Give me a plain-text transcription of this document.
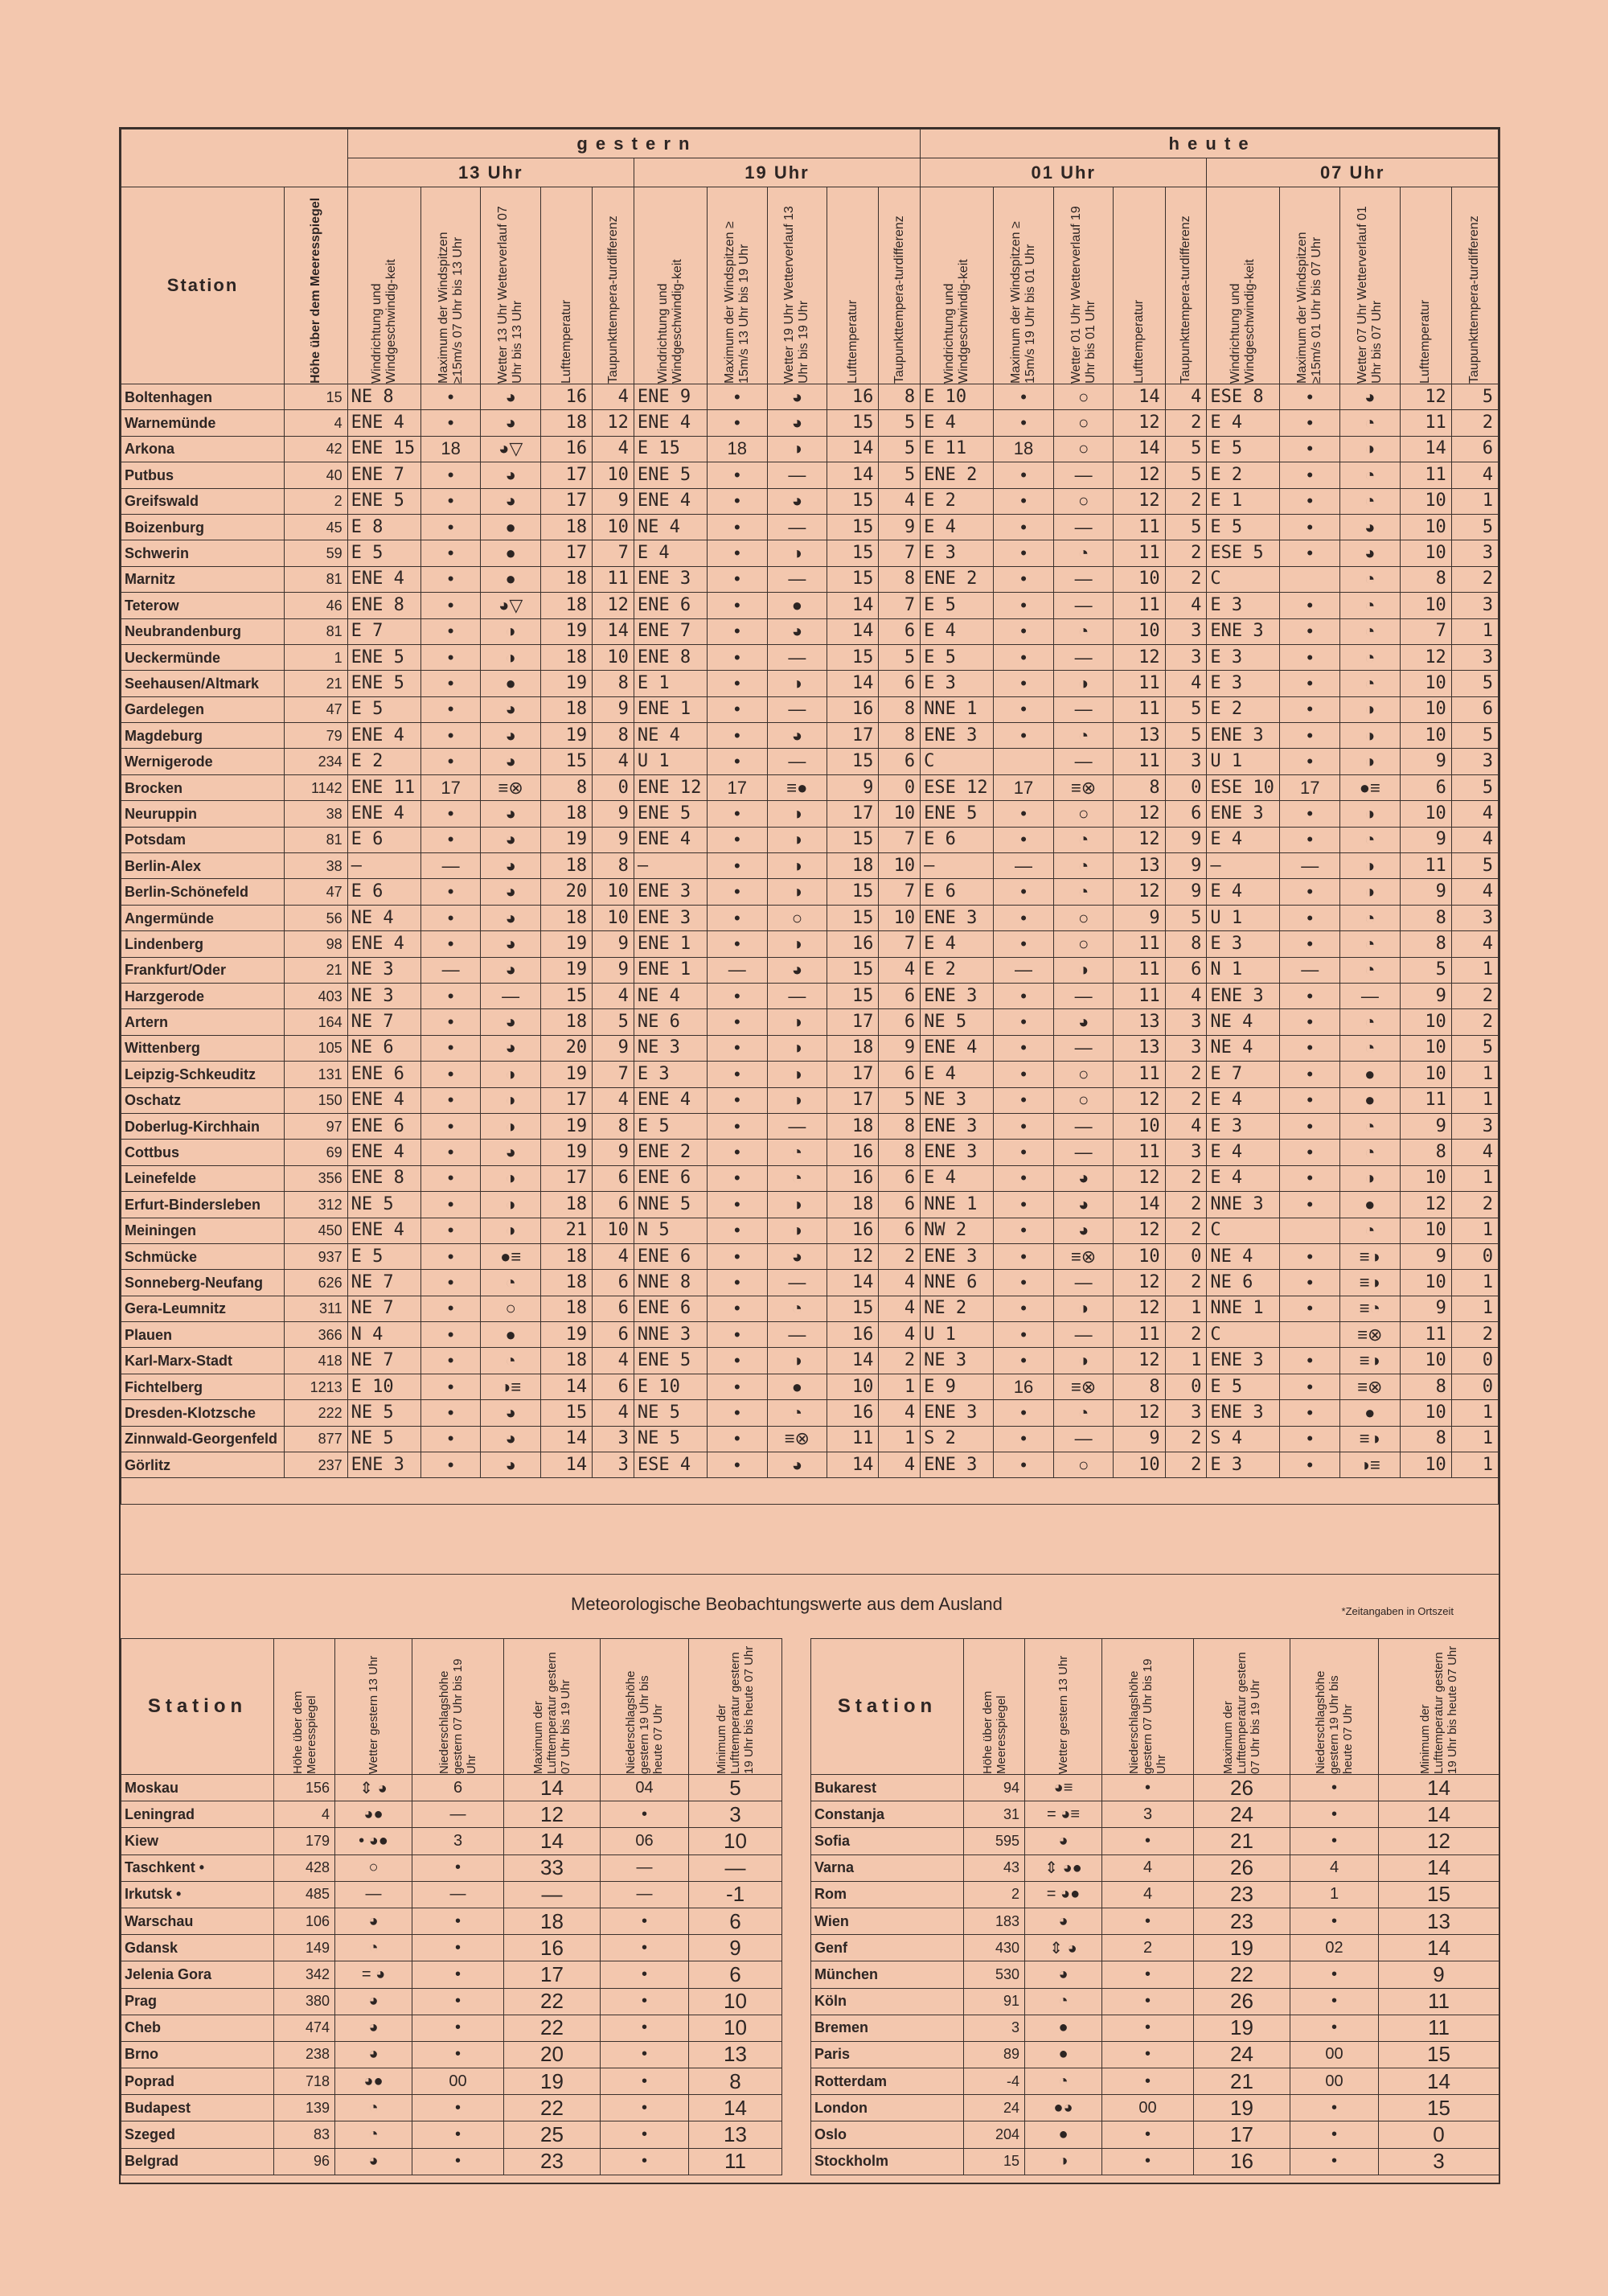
		g e s t e r n										h e u t e									
		13 Uhr					19 Uhr					01 Uhr					07 Uhr				
Station	Höhe über dem Meeresspiegel	Windrichtung und Windgeschwindig-keit	Maximum der Windspitzen ≥15m/s 07 Uhr bis 13 Uhr	Wetter 13 Uhr Wetterverlauf 07 Uhr bis 13 Uhr	Lufttemperatur	Taupunkttempera-turdifferenz	Windrichtung und Windgeschwindig-keit	Maximum der Windspitzen ≥ 15m/s 13 Uhr bis 19 Uhr	Wetter 19 Uhr Wetterverlauf 13 Uhr bis 19 Uhr	Lufttemperatur	Taupunkttempera-turdifferenz	Windrichtung und Windgeschwindig-keit	Maximum der Windspitzen ≥ 15m/s 19 Uhr bis 01 Uhr	Wetter 01 Uhr Wetterverlauf 19 Uhr bis 01 Uhr	Lufttemperatur	Taupunkttempera-turdifferenz	Windrichtung und Windgeschwindig-keit	Maximum der Windspitzen ≥15m/s 01 Uhr bis 07 Uhr	Wetter 07 Uhr Wetterverlauf 01 Uhr bis 07 Uhr	Lufttemperatur	Taupunkttempera-turdifferenz

Boltenhagen	15	NE 8	•	◕	16	4	ENE 9	•	◕	16	8	E 10	•	○	14	4	ESE 8	•	◕	12	5
Warnemünde	4	ENE 4	•	◕	18	12	ENE 4	•	◕	15	5	E 4	•	○	12	2	E 4	•	◔	11	2
Arkona	42	ENE 15	18	◕▽	16	4	E 15	18	◑	14	5	E 11	18	○	14	5	E 5	•	◑	14	6
Putbus	40	ENE 7	•	◕	17	10	ENE 5	•	—	14	5	ENE 2	•	—	12	5	E 2	•	◔	11	4
Greifswald	2	ENE 5	•	◕	17	9	ENE 4	•	◕	15	4	E 2	•	○	12	2	E 1	•	◔	10	1
Boizenburg	45	E 8	•	●	18	10	NE 4	•	—	15	9	E 4	•	—	11	5	E 5	•	◕	10	5
Schwerin	59	E 5	•	●	17	7	E 4	•	◑	15	7	E 3	•	◔	11	2	ESE 5	•	◕	10	3
Marnitz	81	ENE 4	•	●	18	11	ENE 3	•	—	15	8	ENE 2	•	—	10	2	C		◔	8	2
Teterow	46	ENE 8	•	◕▽	18	12	ENE 6	•	●	14	7	E 5	•	—	11	4	E 3	•	◔	10	3
Neubrandenburg	81	E 7	•	◑	19	14	ENE 7	•	◕	14	6	E 4	•	◔	10	3	ENE 3	•	◔	7	1
Ueckermünde	1	ENE 5	•	◑	18	10	ENE 8	•	—	15	5	E 5	•	—	12	3	E 3	•	◔	12	3
Seehausen/Altmark	21	ENE 5	•	●	19	8	E 1	•	◑	14	6	E 3	•	◑	11	4	E 3	•	◔	10	5
Gardelegen	47	E 5	•	◕	18	9	ENE 1	•	—	16	8	NNE 1	•	—	11	5	E 2	•	◑	10	6
Magdeburg	79	ENE 4	•	◕	19	8	NE 4	•	◕	17	8	ENE 3	•	◔	13	5	ENE 3	•	◑	10	5
Wernigerode	234	E 2	•	◕	15	4	U 1	•	—	15	6	C		—	11	3	U 1	•	◑	9	3
Brocken	1142	ENE 11	17	≡⊗	8	0	ENE 12	17	≡●	9	0	ESE 12	17	≡⊗	8	0	ESE 10	17	●≡	6	5
Neuruppin	38	ENE 4	•	◕	18	9	ENE 5	•	◑	17	10	ENE 5	•	○	12	6	ENE 3	•	◑	10	4
Potsdam	81	E 6	•	◕	19	9	ENE 4	•	◑	15	7	E 6	•	◔	12	9	E 4	•	◔	9	4
Berlin-Alex	38	—	—	◕	18	8	—	•	◑	18	10	—	—	◔	13	9	—	—	◑	11	5
Berlin-Schönefeld	47	E 6	•	◕	20	10	ENE 3	•	◑	15	7	E 6	•	◔	12	9	E 4	•	◑	9	4
Angermünde	56	NE 4	•	◕	18	10	ENE 3	•	○	15	10	ENE 3	•	○	9	5	U 1	•	◔	8	3
Lindenberg	98	ENE 4	•	◕	19	9	ENE 1	•	◑	16	7	E 4	•	○	11	8	E 3	•	◔	8	4
Frankfurt/Oder	21	NE 3	—	◕	19	9	ENE 1	—	◕	15	4	E 2	—	◑	11	6	N 1	—	◔	5	1
Harzgerode	403	NE 3	•	—	15	4	NE 4	•	—	15	6	ENE 3	•	—	11	4	ENE 3	•	—	9	2
Artern	164	NE 7	•	◕	18	5	NE 6	•	◑	17	6	NE 5	•	◕	13	3	NE 4	•	◔	10	2
Wittenberg	105	NE 6	•	◕	20	9	NE 3	•	◑	18	9	ENE 4	•	—	13	3	NE 4	•	◔	10	5
Leipzig-Schkeuditz	131	ENE 6	•	◑	19	7	E 3	•	◑	17	6	E 4	•	○	11	2	E 7	•	●	10	1
Oschatz	150	ENE 4	•	◑	17	4	ENE 4	•	◑	17	5	NE 3	•	○	12	2	E 4	•	●	11	1
Doberlug-Kirchhain	97	ENE 6	•	◑	19	8	E 5	•	—	18	8	ENE 3	•	—	10	4	E 3	•	◔	9	3
Cottbus	69	ENE 4	•	◕	19	9	ENE 2	•	◔	16	8	ENE 3	•	—	11	3	E 4	•	◔	8	4
Leinefelde	356	ENE 8	•	◑	17	6	ENE 6	•	◔	16	6	E 4	•	◕	12	2	E 4	•	◑	10	1
Erfurt-Bindersleben	312	NE 5	•	◑	18	6	NNE 5	•	◑	18	6	NNE 1	•	◕	14	2	NNE 3	•	●	12	2
Meiningen	450	ENE 4	•	◑	21	10	N 5	•	◑	16	6	NW 2	•	◕	12	2	C		◔	10	1
Schmücke	937	E 5	•	●≡	18	4	ENE 6	•	◕	12	2	ENE 3	•	≡⊗	10	0	NE 4	•	≡◑	9	0
Sonneberg-Neufang	626	NE 7	•	◔	18	6	NNE 8	•	—	14	4	NNE 6	•	—	12	2	NE 6	•	≡◑	10	1
Gera-Leumnitz	311	NE 7	•	○	18	6	ENE 6	•	◔	15	4	NE 2	•	◑	12	1	NNE 1	•	≡◔	9	1
Plauen	366	N 4	•	●	19	6	NNE 3	•	—	16	4	U 1	•	—	11	2	C		≡⊗	11	2
Karl-Marx-Stadt	418	NE 7	•	◔	18	4	ENE 5	•	◑	14	2	NE 3	•	◑	12	1	ENE 3	•	≡◑	10	0
Fichtelberg	1213	E 10	•	◑≡	14	6	E 10	•	●	10	1	E 9	16	≡⊗	8	0	E 5	•	≡⊗	8	0
Dresden-Klotzsche	222	NE 5	•	◕	15	4	NE 5	•	◔	16	4	ENE 3	•	◔	12	3	ENE 3	•	●	10	1
Zinnwald-Georgenfeld	877	NE 5	•	◕	14	3	NE 5	•	≡⊗	11	1	S 2	•	—	9	2	S 4	•	≡◑	8	1
Görlitz	237	ENE 3	•	◕	14	3	ESE 4	•	◕	14	4	ENE 3	•	○	10	2	E 3	•	◑≡	10	1

Meteorologische Beobachtungswerte aus dem Ausland	*Zeitangaben in Ortszeit
Station	Höhe über dem Meeresspiegel	Wetter gestern 13 Uhr	Niederschlagshöhe gestern 07 Uhr bis 19 Uhr	Maximum der Lufttemperatur gestern 07 Uhr bis 19 Uhr	Niederschlagshöhe gestern 19 Uhr bis heute 07 Uhr	Minimum der Lufttemperatur gestern 19 Uhr bis heute 07 Uhr		Station	Höhe über dem Meeresspiegel	Wetter gestern 13 Uhr	Niederschlagshöhe gestern 07 Uhr bis 19 Uhr	Maximum der Lufttemperatur gestern 07 Uhr bis 19 Uhr	Niederschlagshöhe gestern 19 Uhr bis heute 07 Uhr	Minimum der Lufttemperatur gestern 19 Uhr bis heute 07 Uhr

Moskau	156	⇕ ◕	6	14	04	5		Bukarest	94	◕≡	•	26	•	14
Leningrad	4	◕●	—	12	•	3		Constanja	31	= ◕≡	3	24	•	14
Kiew	179	• ◕●	3	14	06	10		Sofia	595	◕	•	21	•	12
Taschkent •	428	○	•	33	—	—		Varna	43	⇕ ◕●	4	26	4	14
Irkutsk •	485	—	—	—	—	-1		Rom	2	= ◕●	4	23	1	15
Warschau	106	◕	•	18	•	6		Wien	183	◕	•	23	•	13
Gdansk	149	◔	•	16	•	9		Genf	430	⇕ ◕	2	19	02	14
Jelenia Gora	342	= ◕	•	17	•	6		München	530	◕	•	22	•	9
Prag	380	◕	•	22	•	10		Köln	91	◔	•	26	•	11
Cheb	474	◕	•	22	•	10		Bremen	3	●	•	19	•	11
Brno	238	◕	•	20	•	13		Paris	89	●	•	24	00	15
Poprad	718	◕●	00	19	•	8		Rotterdam	-4	◔	•	21	00	14
Budapest	139	◔	•	22	•	14		London	24	●◕	00	19	•	15
Szeged	83	◔	•	25	•	13		Oslo	204	●	•	17	•	0
Belgrad	96	◕	•	23	•	11		Stockholm	15	◑	•	16	•	3
